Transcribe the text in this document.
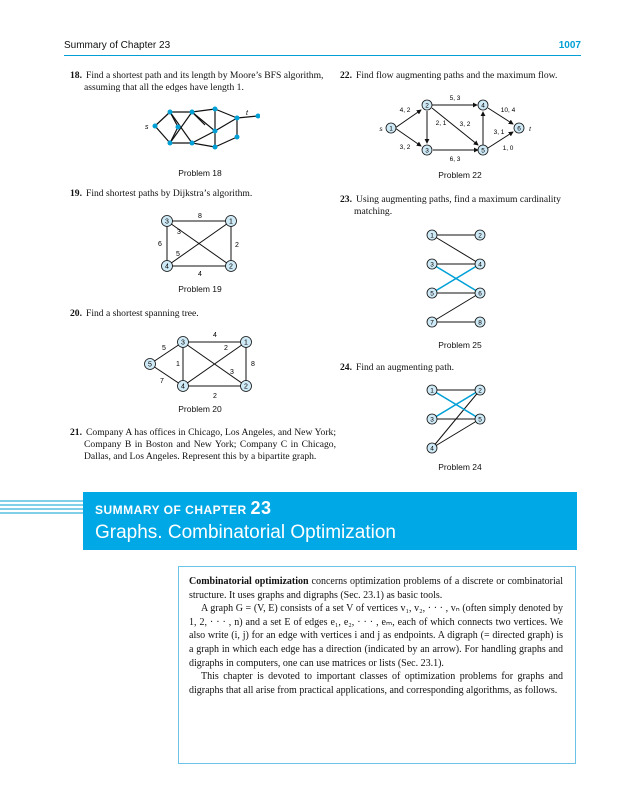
Summary of Chapter 23	1007
18. Find a shortest path and its length by Moore’s BFS algorithm, assuming that all the edges have length 1.
s
t
Problem 18
19. Find shortest paths by Dijkstra’s algorithm.
3	1
4	2
8
3
6
5
2
4
Problem 19
20. Find a shortest spanning tree.
3	1
5
4	2
4
2
5
1
3
8
7
2
Problem 20
21. Company A has offices in Chicago, Los Angeles, and New York; Company B in Boston and New York; Company C in Chicago, Dallas, and Los Angeles. Represent this by a bipartite graph.
22. Find flow augmenting paths and the maximum flow.
1
2
3
4
5
6
s	t
5, 3
4, 2	10, 4
2, 1 3, 2
3, 1
3, 2	1, 0
6, 3
Problem 22
23. Using augmenting paths, find a maximum cardinality matching.
1	2
3	4
5	6
7	8
Problem 25
24. Find an augmenting path.
1	2
3	5
4
Problem 24
SUMMARY OF CHAPTER 23
Graphs. Combinatorial Optimization

Combinatorial optimization concerns optimization problems of a discrete or combinatorial structure. It uses graphs and digraphs (Sec. 23.1) as basic tools.

A graph G = (V, E) consists of a set V of vertices v₁, v₂, · · · , vₙ (often simply denoted by 1, 2, · · · , n) and a set E of edges e₁, e₂, · · · , eₘ, each of which connects two vertices. We also write (i, j) for an edge with vertices i and j as endpoints. A digraph (= directed graph) is a graph in which each edge has a direction (indicated by an arrow). For handling graphs and digraphs in computers, one can use matrices or lists (Sec. 23.1).

This chapter is devoted to important classes of optimization problems for graphs and digraphs that all arise from practical applications, and corresponding algorithms, as follows.
